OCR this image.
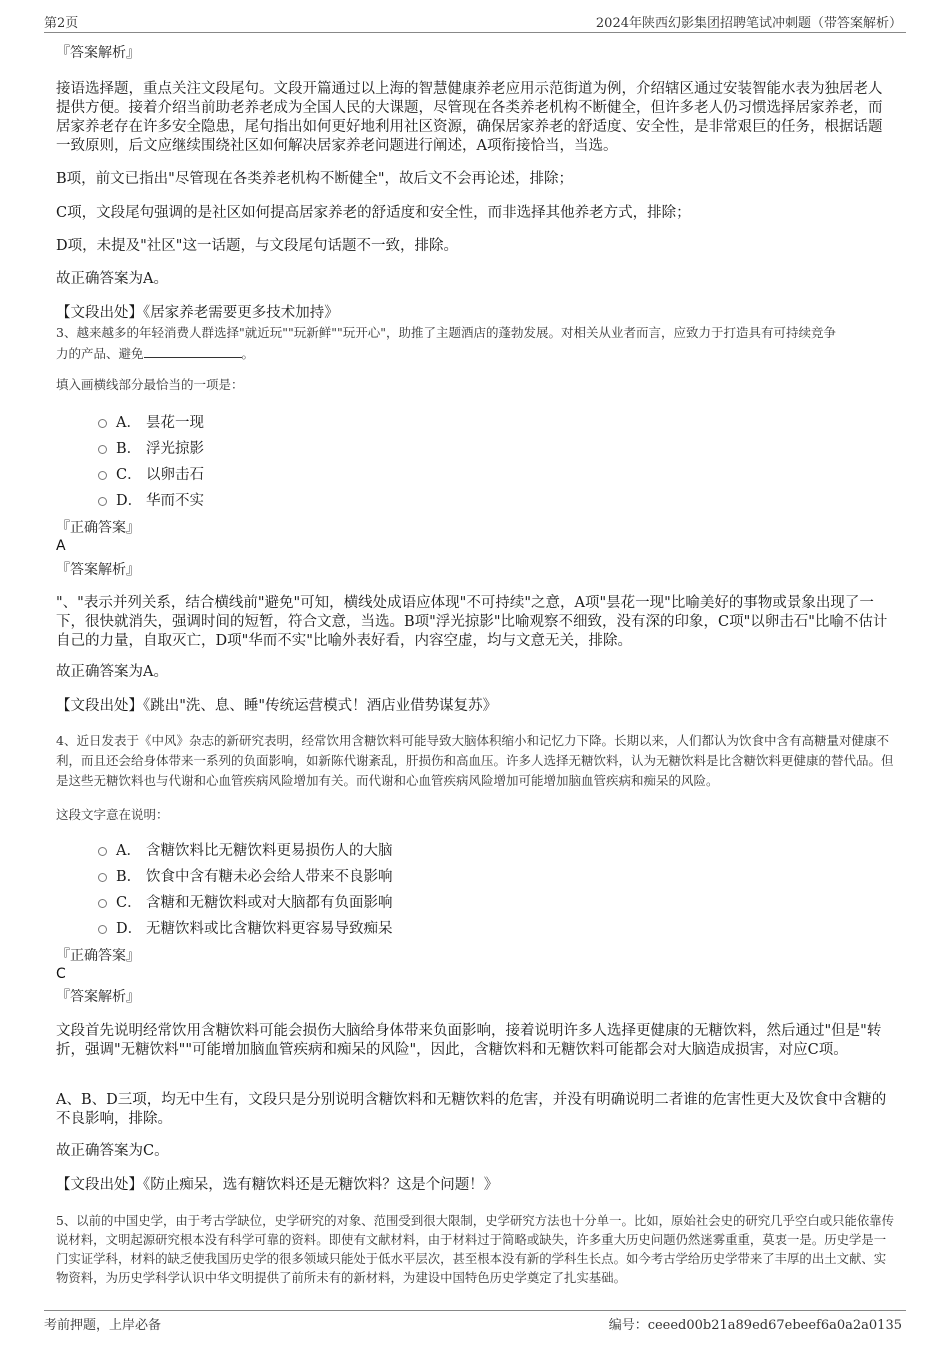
第2页	2024年陕西幻影集团招聘笔试冲刺题（带答案解析）
『答案解析』
接语选择题，重点关注文段尾句。文段开篇通过以上海的智慧健康养老应用示范街道为例，介绍辖区通过安装智能水表为独居老人提供方便。接着介绍当前助老养老成为全国人民的大课题，尽管现在各类养老机构不断健全，但许多老人仍习惯选择居家养老，而居家养老存在许多安全隐患，尾句指出如何更好地利用社区资源，确保居家养老的舒适度、安全性，是非常艰巨的任务，根据话题一致原则，后文应继续围绕社区如何解决居家养老问题进行阐述，A项衔接恰当，当选。
B项，前文已指出"尽管现在各类养老机构不断健全"，故后文不会再论述，排除；
C项，文段尾句强调的是社区如何提高居家养老的舒适度和安全性，而非选择其他养老方式，排除；
D项，未提及"社区"这一话题，与文段尾句话题不一致，排除。
故正确答案为A。
【文段出处】《居家养老需要更多技术加持》
3、越来越多的年轻消费人群选择"就近玩""玩新鲜""玩开心"，助推了主题酒店的蓬勃发展。对相关从业者而言，应致力于打造具有可持续竞争
力的产品、避免	。
填入画横线部分最恰当的一项是：
A． 昙花一现
B． 浮光掠影
C． 以卵击石
D． 华而不实
『正确答案』
A
『答案解析』
"、"表示并列关系，结合横线前"避免"可知，横线处成语应体现"不可持续"之意，A项"昙花一现"比喻美好的事物或景象出现了一下，很快就消失，强调时间的短暂，符合文意，当选。B项"浮光掠影"比喻观察不细致，没有深的印象，C项"以卵击石"比喻不估计自己的力量，自取灭亡，D项"华而不实"比喻外表好看，内容空虚，均与文意无关，排除。
故正确答案为A。
【文段出处】《跳出"洗、息、睡"传统运营模式！酒店业借势谋复苏》
4、近日发表于《中风》杂志的新研究表明，经常饮用含糖饮料可能导致大脑体积缩小和记忆力下降。长期以来，人们都认为饮食中含有高糖量对健康不利，而且还会给身体带来一系列的负面影响，如新陈代谢紊乱，肝损伤和高血压。许多人选择无糖饮料，认为无糖饮料是比含糖饮料更健康的替代品。但是这些无糖饮料也与代谢和心血管疾病风险增加有关。而代谢和心血管疾病风险增加可能增加脑血管疾病和痴呆的风险。
这段文字意在说明：
A． 含糖饮料比无糖饮料更易损伤人的大脑
B． 饮食中含有糖未必会给人带来不良影响
C． 含糖和无糖饮料或对大脑都有负面影响
D． 无糖饮料或比含糖饮料更容易导致痴呆
『正确答案』
C
『答案解析』
文段首先说明经常饮用含糖饮料可能会损伤大脑给身体带来负面影响，接着说明许多人选择更健康的无糖饮料，然后通过"但是"转折，强调"无糖饮料""可能增加脑血管疾病和痴呆的风险"，因此，含糖饮料和无糖饮料可能都会对大脑造成损害，对应C项。
A、B、D三项，均无中生有，文段只是分别说明含糖饮料和无糖饮料的危害，并没有明确说明二者谁的危害性更大及饮食中含糖的不良影响，排除。
故正确答案为C。
【文段出处】《防止痴呆，选有糖饮料还是无糖饮料？这是个问题！》
5、以前的中国史学，由于考古学缺位，史学研究的对象、范围受到很大限制，史学研究方法也十分单一。比如，原始社会史的研究几乎空白或只能依靠传说材料，文明起源研究根本没有科学可靠的资料。即使有文献材料，由于材料过于简略或缺失，许多重大历史问题仍然迷雾重重，莫衷一是。历史学是一门实证学科，材料的缺乏使我国历史学的很多领域只能处于低水平层次，甚至根本没有新的学科生长点。如今考古学给历史学带来了丰厚的出土文献、实物资料，为历史学科学认识中华文明提供了前所未有的新材料，为建设中国特色历史学奠定了扎实基础。
考前押题，上岸必备	编号：ceeed00b21a89ed67ebeef6a0a2a0135
